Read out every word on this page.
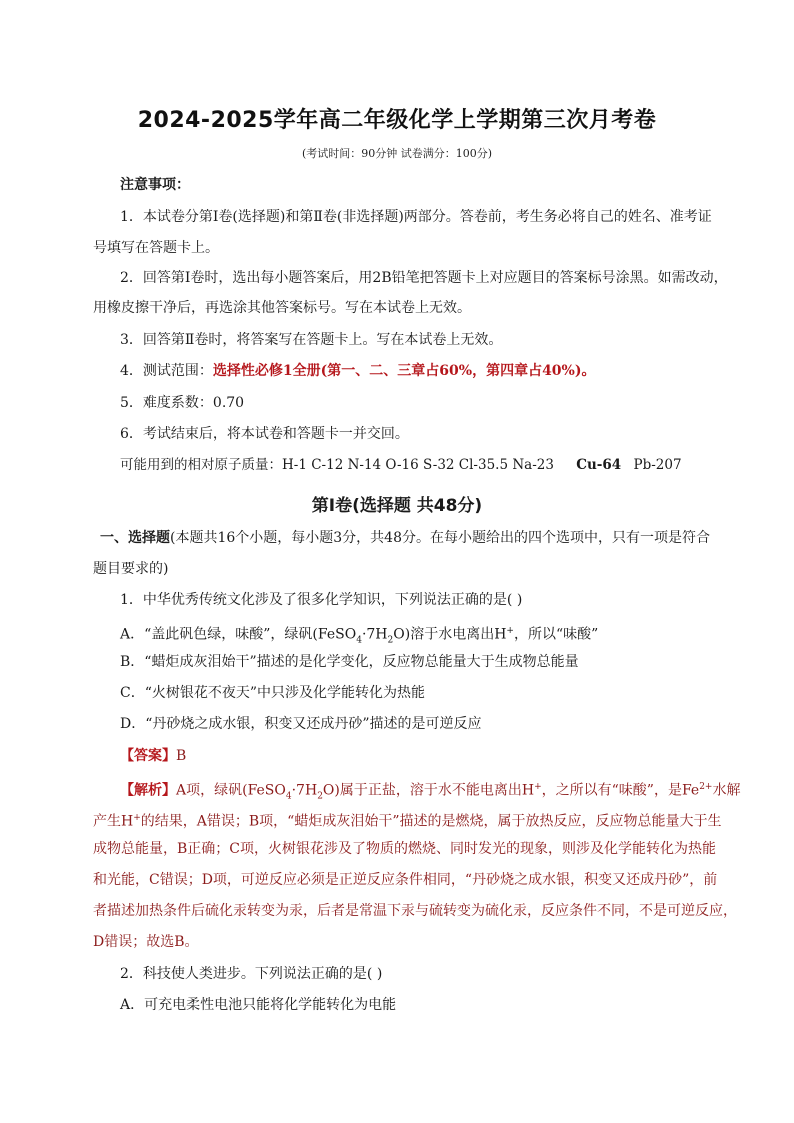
2024-2025学年高二年级化学上学期第三次月考卷
(考试时间：90分钟 试卷满分：100分)
注意事项：
1．本试卷分第Ⅰ卷(选择题)和第Ⅱ卷(非选择题)两部分。答卷前，考生务必将自己的姓名、准考证
号填写在答题卡上。
2．回答第Ⅰ卷时，选出每小题答案后，用2B铅笔把答题卡上对应题目的答案标号涂黑。如需改动，
用橡皮擦干净后，再选涂其他答案标号。写在本试卷上无效。
3．回答第Ⅱ卷时，将答案写在答题卡上。写在本试卷上无效。
4．测试范围：选择性必修1全册(第一、二、三章占60%，第四章占40%)。
5．难度系数：0.70
6．考试结束后，将本试卷和答题卡一并交回。
可能用到的相对原子质量：H-1 C-12 N-14 O-16 S-32 Cl-35.5 Na-23 Cu-64 Pb-207
第Ⅰ卷(选择题 共48分)
一、选择题(本题共16个小题，每小题3分，共48分。在每小题给出的四个选项中，只有一项是符合
题目要求的)
1．中华优秀传统文化涉及了很多化学知识，下列说法正确的是( )
A．“盖此矾色绿，味酸”，绿矾$(FeSO_4\cdot 7H_2O)$溶于水电离出H+，所以“味酸”
B．“蜡炬成灰泪始干”描述的是化学变化，反应物总能量大于生成物总能量
C．“火树银花不夜天”中只涉及化学能转化为热能
D．“丹砂烧之成水银，积变又还成丹砂”描述的是可逆反应
【答案】B
【解析】A项，绿矾$(FeSO_4\cdot 7H_2O)$属于正盐，溶于水不能电离出H+，之所以有“味酸”，是$Fe^{2+}$水解
产生H+的结果，A错误；B项，“蜡炬成灰泪始干”描述的是燃烧，属于放热反应，反应物总能量大于生
成物总能量，B正确；C项，火树银花涉及了物质的燃烧、同时发光的现象，则涉及化学能转化为热能
和光能，C错误；D项，可逆反应必须是正逆反应条件相同，“丹砂烧之成水银，积变又还成丹砂”，前
者描述加热条件后硫化汞转变为汞，后者是常温下汞与硫转变为硫化汞，反应条件不同，不是可逆反应，
D错误；故选B。
2．科技使人类进步。下列说法正确的是( )
A．可充电柔性电池只能将化学能转化为电能
